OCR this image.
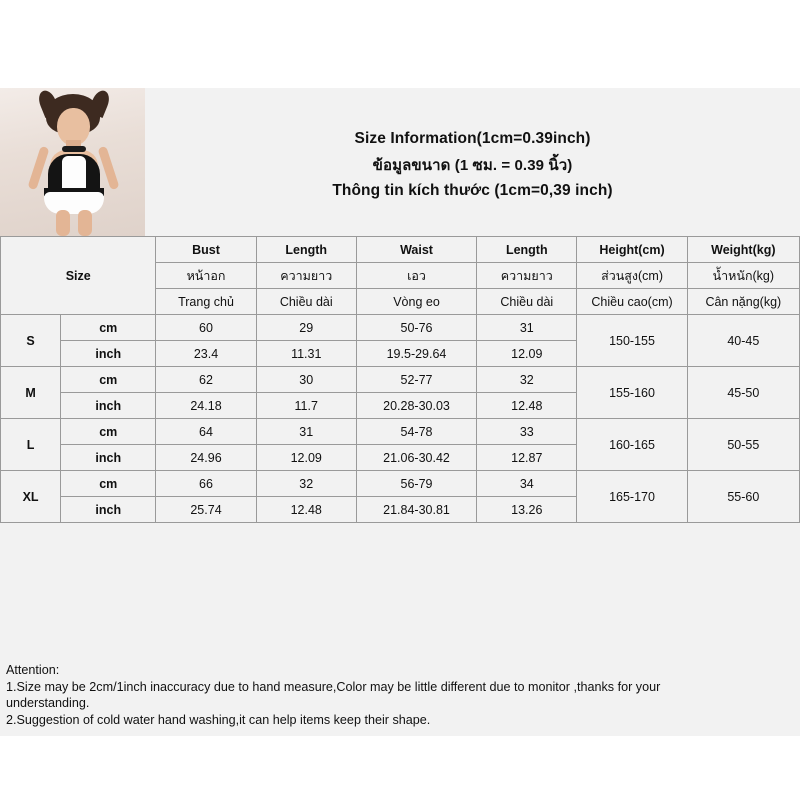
Size Information(1cm=0.39inch)
ข้อมูลขนาด (1 ซม. = 0.39 นิ้ว)
Thông tin kích thước (1cm=0,39 inch)
Size		Bust	Length	Waist	Length	Height(cm)	Weight(kg)
		หน้าอก	ความยาว	เอว	ความยาว	ส่วนสูง(cm)	น้ำหนัก(kg)
		Trang chủ	Chiều dài	Vòng eo	Chiều dài	Chiều cao(cm)	Cân nặng(kg)
S	cm	60	29	50-76	31	150-155	40-45
	inch	23.4	11.31	19.5-29.64	12.09		
M	cm	62	30	52-77	32	155-160	45-50
	inch	24.18	11.7	20.28-30.03	12.48		
L	cm	64	31	54-78	33	160-165	50-55
	inch	24.96	12.09	21.06-30.42	12.87		
XL	cm	66	32	56-79	34	165-170	55-60
	inch	25.74	12.48	21.84-30.81	13.26		
Attention:
1.Size may be 2cm/1inch inaccuracy due to hand measure,Color may be little different due to monitor ,thanks for your
understanding.
2.Suggestion of cold water hand washing,it can help items keep their shape.
